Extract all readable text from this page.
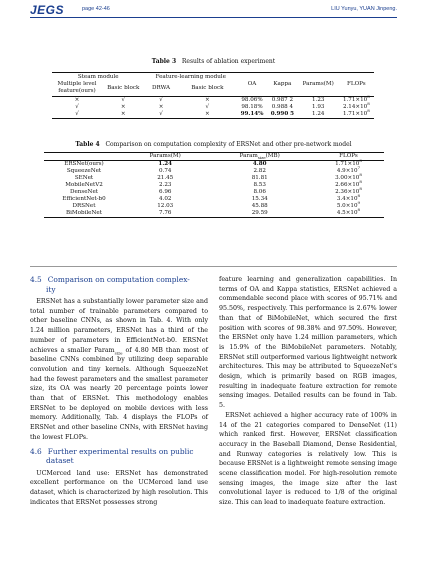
JEGS	page 42-46	LIU Yunyu, YUAN Jinpeng.
Table 3 Results of ablation experiment
Steam module		Feature-learning module		OA	Kappa	Params(M)	FLOPs
Multiple level feature(ours)	Basic block	DRWA	Basic block				
×	√	√	×	98.06%	0.987 2	1.23	$1.71\times 10^8$
√	×	×	√	98.18%	0.988 4	1.93	$2.14\times 10^8$
√	×	√	×	99.14%	0.990 5	1.24	$1.71\times 10^8$
Table 4 Comparison on computation complexity of ERSNet and other pre-network model
	Params(M)	Param$_{size}$(MB)	FLOPs
ERSNet(ours)	1.24	4.80	$1.71\times 10^8$
SqueezeNet	0.74	2.82	$4.9\times 10^7$
SENet	21.45	81.81	$3.00\times 10^8$
MobileNetV2	2.23	8.53	$2.66\times 10^8$
DenseNet	6.96	8.06	$2.36\times 10^8$
EfficientNet-b0	4.02	15.34	$3.4\times 10^8$
DRSNet	12.03	45.88	$5.0\times 10^9$
BiMobileNet	7.76	29.59	$4.5\times 10^8$
4.5 Comparison on computation complex-
ity

ERSNet has a substantially lower parameter size and total number of trainable parameters compared to other baseline CNNs, as shown in Tab. 4. With only 1.24 million parameters, ERSNet has a third of the number of parameters in EfficientNet-b0. ERSNet achieves a smaller Param$_{size}$ of 4.80 MB than most of baseline CNNs combined by utilizing deep separable convolution and tiny kernels. Although SqueezeNet had the fewest parameters and the smallest parameter size, its OA was nearly 20 percentage points lower than that of ERSNet. This methodology enables ERSNet to be deployed on mobile devices with less memory. Additionally, Tab. 4 displays the FLOPs of ERSNet and other baseline CNNs, with ERSNet having the lowest FLOPs.

4.6 Further experimental results on public
dataset

UCMerced land use: ERSNet has demonstrated excellent performance on the UCMerced land use dataset, which is characterized by high resolution. This indicates that ERSNet possesses strong

feature learning and generalization capabilities. In terms of OA and Kappa statistics, ERSNet achieved a commendable second place with scores of 95.71% and 95.50%, respectively. This performance is 2.67% lower than that of BiMobileNet, which secured the first position with scores of 98.38% and 97.50%. However, the ERSNet only have 1.24 million parameters, which is 15.9% of the BiMobileNet parameters. Notably, ERSNet still outperformed various lightweight network architectures. This may be attributed to SqueezeNet's design, which is primarily based on RGB images, resulting in inadequate feature extraction for remote sensing images. Detailed results can be found in Tab. 5.

ERSNet achieved a higher accuracy rate of 100% in 14 of the 21 categories compared to DenseNet (11) which ranked first. However, ERSNet classification accuracy in the Baseball Diamond, Dense Residential, and Runway categories is relatively low. This is because ERSNet is a lightweight remote sensing image scene classification model. For high-resolution remote sensing images, the image size after the last convolutional layer is reduced to 1/8 of the original size. This can lead to inadequate feature extraction.
